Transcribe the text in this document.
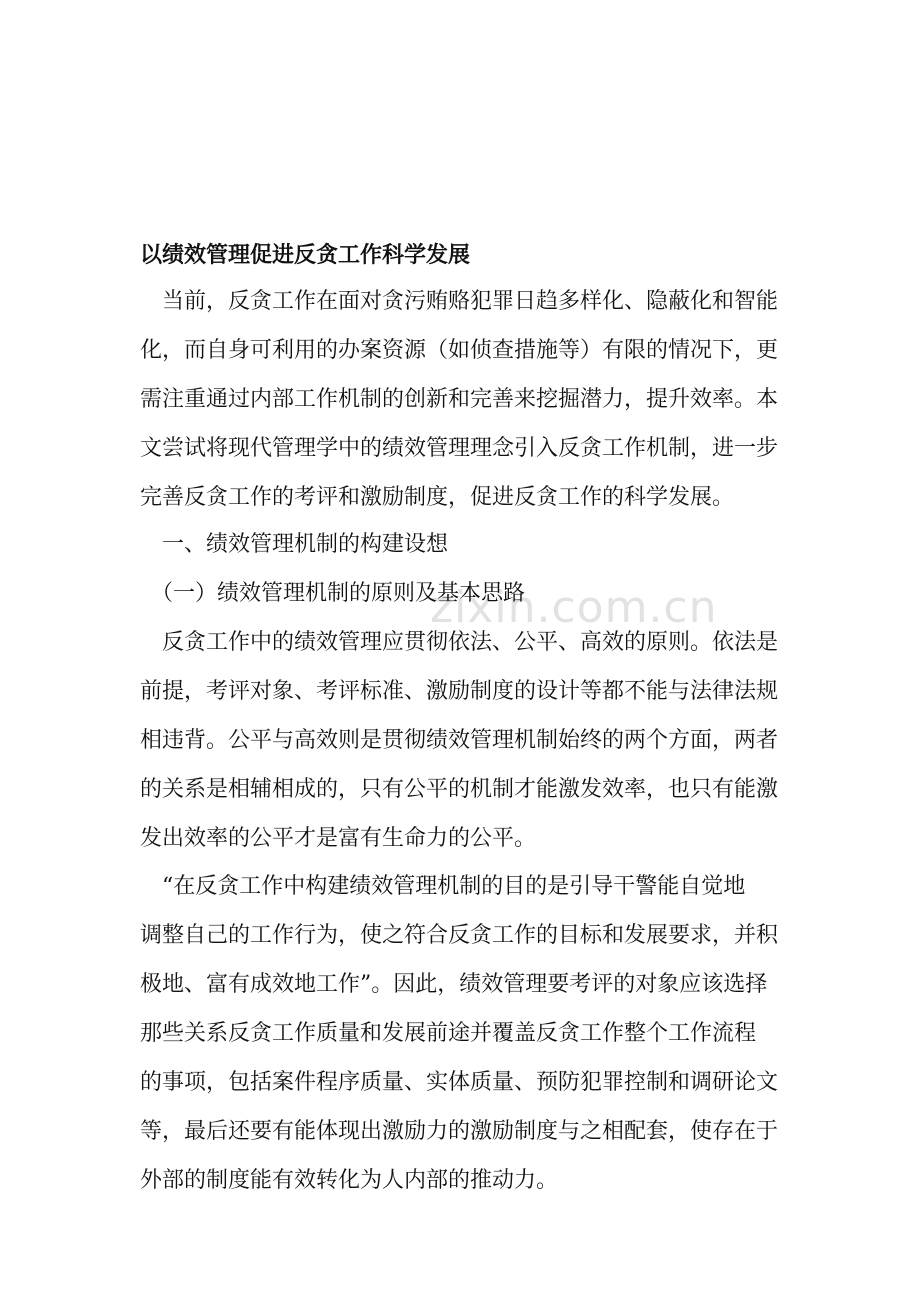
zixin.com.cn
以绩效管理促进反贪工作科学发展
　当前，反贪工作在面对贪污贿赂犯罪日趋多样化、隐蔽化和智能
化，而自身可利用的办案资源（如侦查措施等）有限的情况下，更
需注重通过内部工作机制的创新和完善来挖掘潜力，提升效率。本
文尝试将现代管理学中的绩效管理理念引入反贪工作机制，进一步
完善反贪工作的考评和激励制度，促进反贪工作的科学发展。
　一、绩效管理机制的构建设想
　（一）绩效管理机制的原则及基本思路
　反贪工作中的绩效管理应贯彻依法、公平、高效的原则。依法是
前提，考评对象、考评标准、激励制度的设计等都不能与法律法规
相违背。公平与高效则是贯彻绩效管理机制始终的两个方面，两者
的关系是相辅相成的，只有公平的机制才能激发效率，也只有能激
发出效率的公平才是富有生命力的公平。
　“在反贪工作中构建绩效管理机制的目的是引导干警能自觉地
调整自己的工作行为，使之符合反贪工作的目标和发展要求，并积
极地、富有成效地工作”。因此，绩效管理要考评的对象应该选择
那些关系反贪工作质量和发展前途并覆盖反贪工作整个工作流程
的事项，包括案件程序质量、实体质量、预防犯罪控制和调研论文
等，最后还要有能体现出激励力的激励制度与之相配套，使存在于
外部的制度能有效转化为人内部的推动力。
